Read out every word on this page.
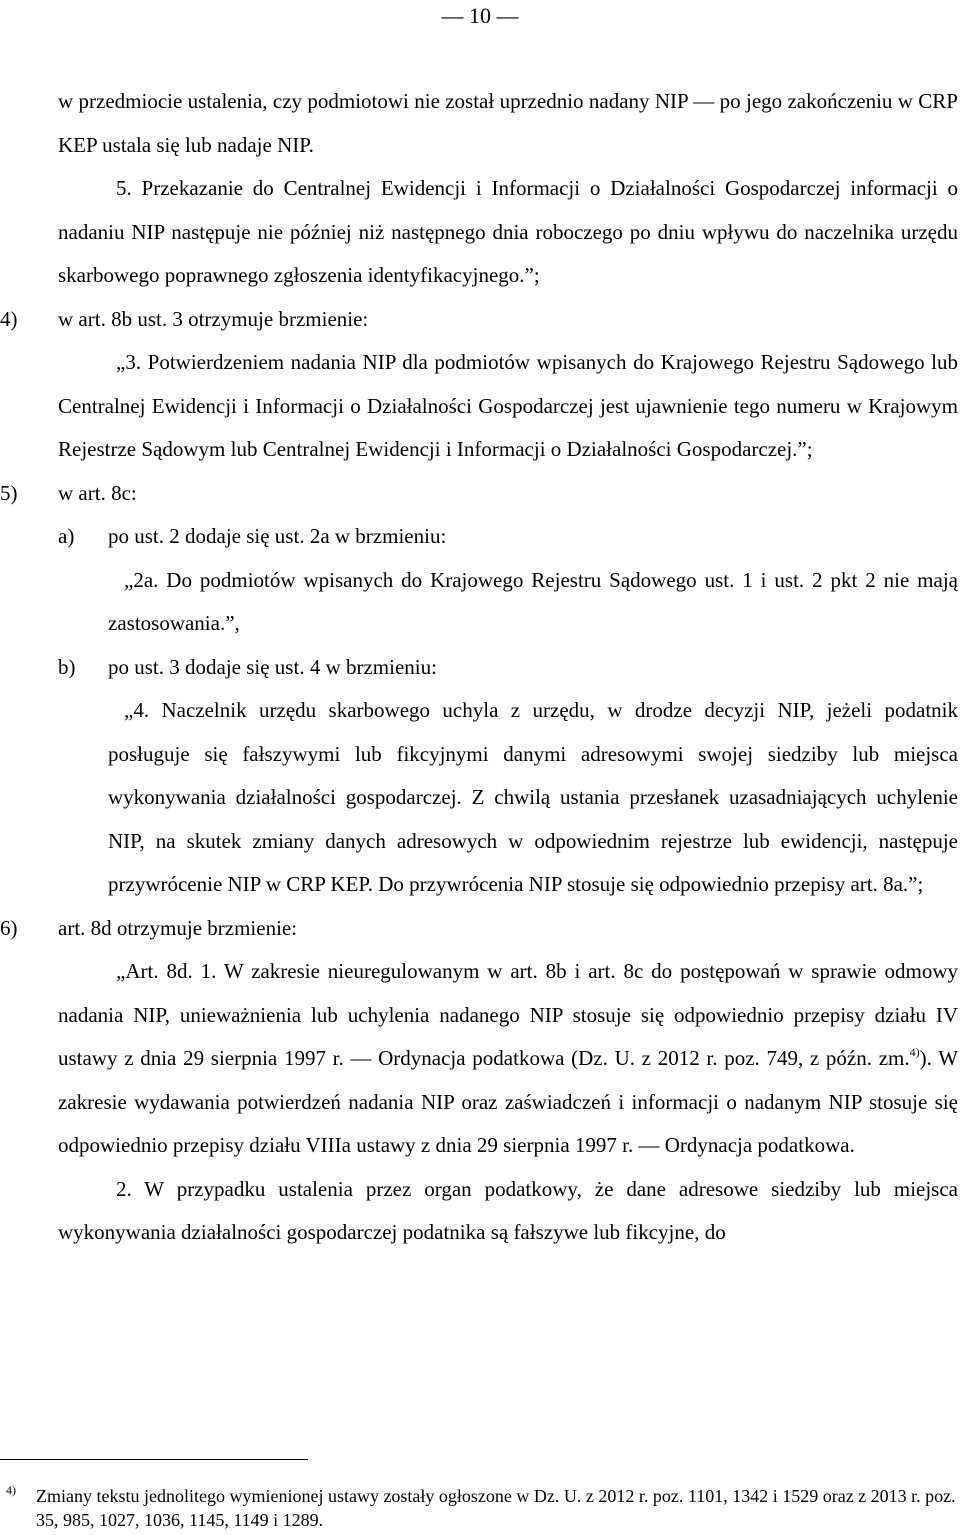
— 10 —

w przedmiocie ustalenia, czy podmiotowi nie został uprzednio nadany NIP — po jego zakończeniu w CRP KEP ustala się lub nadaje NIP.

5. Przekazanie do Centralnej Ewidencji i Informacji o Działalności Gospodarczej informacji o nadaniu NIP następuje nie później niż następnego dnia roboczego po dniu wpływu do naczelnika urzędu skarbowego poprawnego zgłoszenia identyfikacyjnego.”;

4) w art. 8b ust. 3 otrzymuje brzmienie:

„3. Potwierdzeniem nadania NIP dla podmiotów wpisanych do Krajowego Rejestru Sądowego lub Centralnej Ewidencji i Informacji o Działalności Gospodarczej jest ujawnienie tego numeru w Krajowym Rejestrze Sądowym lub Centralnej Ewidencji i Informacji o Działalności Gospodarczej.”;

5) w art. 8c:

a) po ust. 2 dodaje się ust. 2a w brzmieniu:

„2a. Do podmiotów wpisanych do Krajowego Rejestru Sądowego ust. 1 i ust. 2 pkt 2 nie mają zastosowania.”,

b) po ust. 3 dodaje się ust. 4 w brzmieniu:

„4. Naczelnik urzędu skarbowego uchyla z urzędu, w drodze decyzji NIP, jeżeli podatnik posługuje się fałszywymi lub fikcyjnymi danymi adresowymi swojej siedziby lub miejsca wykonywania działalności gospodarczej. Z chwilą ustania przesłanek uzasadniających uchylenie NIP, na skutek zmiany danych adresowych w odpowiednim rejestrze lub ewidencji, następuje przywrócenie NIP w CRP KEP. Do przywrócenia NIP stosuje się odpowiednio przepisy art. 8a.”;

6) art. 8d otrzymuje brzmienie:

„Art. 8d. 1. W zakresie nieuregulowanym w art. 8b i art. 8c do postępowań w sprawie odmowy nadania NIP, unieważnienia lub uchylenia nadanego NIP stosuje się odpowiednio przepisy działu IV ustawy z dnia 29 sierpnia 1997 r. — Ordynacja podatkowa (Dz. U. z 2012 r. poz. 749, z późn. zm.$^{4)}$). W zakresie wydawania potwierdzeń nadania NIP oraz zaświadczeń i informacji o nadanym NIP stosuje się odpowiednio przepisy działu VIIIa ustawy z dnia 29 sierpnia 1997 r. — Ordynacja podatkowa.

2. W przypadku ustalenia przez organ podatkowy, że dane adresowe siedziby lub miejsca wykonywania działalności gospodarczej podatnika są fałszywe lub fikcyjne, do

4) Zmiany tekstu jednolitego wymienionej ustawy zostały ogłoszone w Dz. U. z 2012 r. poz. 1101, 1342 i 1529 oraz z 2013 r. poz. 35, 985, 1027, 1036, 1145, 1149 i 1289.
